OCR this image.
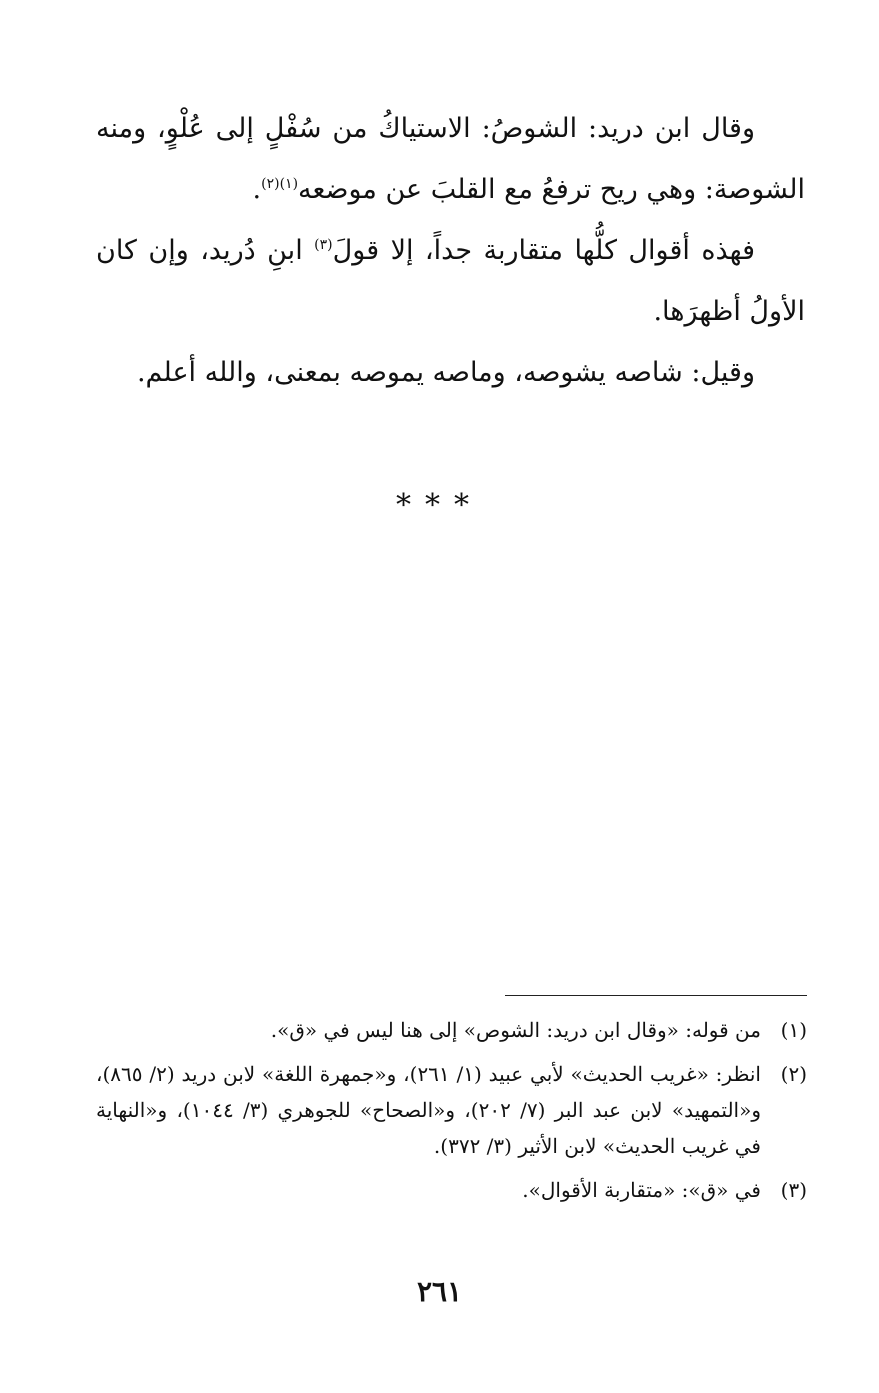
وقال ابن دريد: الشوصُ: الاستياكُ من سُفْلٍ إلى عُلْوٍ، ومنه الشوصة: وهي ريح ترفعُ مع القلبَ عن موضعه$^{(١)(٢)}$.

فهذه أقوال كلُّها متقاربة جداً، إلا قولَ$^{(٣)}$ ابنِ دُريد، وإن كان الأولُ أظهرَها.

وقيل: شاصه يشوصه، وماصه يموصه بمعنى، والله أعلم.

***
(١)
من قوله: «وقال ابن دريد: الشوص» إلى هنا ليس في «ق».
(٢)
انظر: «غريب الحديث» لأبي عبيد (١/ ٢٦١)، و«جمهرة اللغة» لابن دريد (٢/ ٨٦٥)، و«التمهيد» لابن عبد البر (٧/ ٢٠٢)، و«الصحاح» للجوهري (٣/ ١٠٤٤)، و«النهاية في غريب الحديث» لابن الأثير (٣/ ٣٧٢).
(٣)
في «ق»: «متقاربة الأقوال».
٢٦١
